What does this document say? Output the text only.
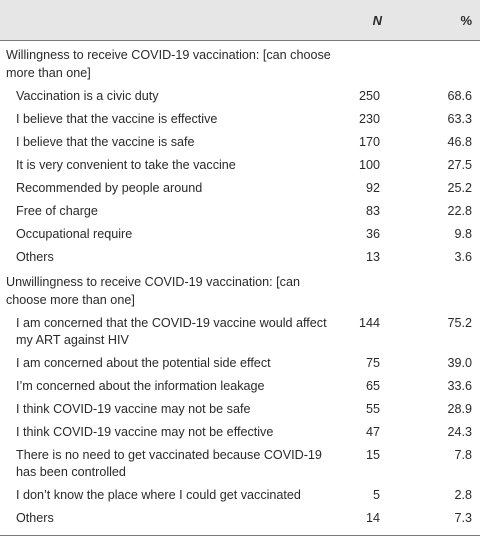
	N	%
Willingness to receive COVID-19 vaccination: [can choose more than one]		
Vaccination is a civic duty	250	68.6
I believe that the vaccine is effective	230	63.3
I believe that the vaccine is safe	170	46.8
It is very convenient to take the vaccine	100	27.5
Recommended by people around	92	25.2
Free of charge	83	22.8
Occupational require	36	9.8
Others	13	3.6
Unwillingness to receive COVID-19 vaccination: [can choose more than one]		
I am concerned that the COVID-19 vaccine would affect my ART against HIV	144	75.2
I am concerned about the potential side effect	75	39.0
I’m concerned about the information leakage	65	33.6
I think COVID-19 vaccine may not be safe	55	28.9
I think COVID-19 vaccine may not be effective	47	24.3
There is no need to get vaccinated because COVID-19 has been controlled	15	7.8
I don’t know the place where I could get vaccinated	5	2.8
Others	14	7.3
